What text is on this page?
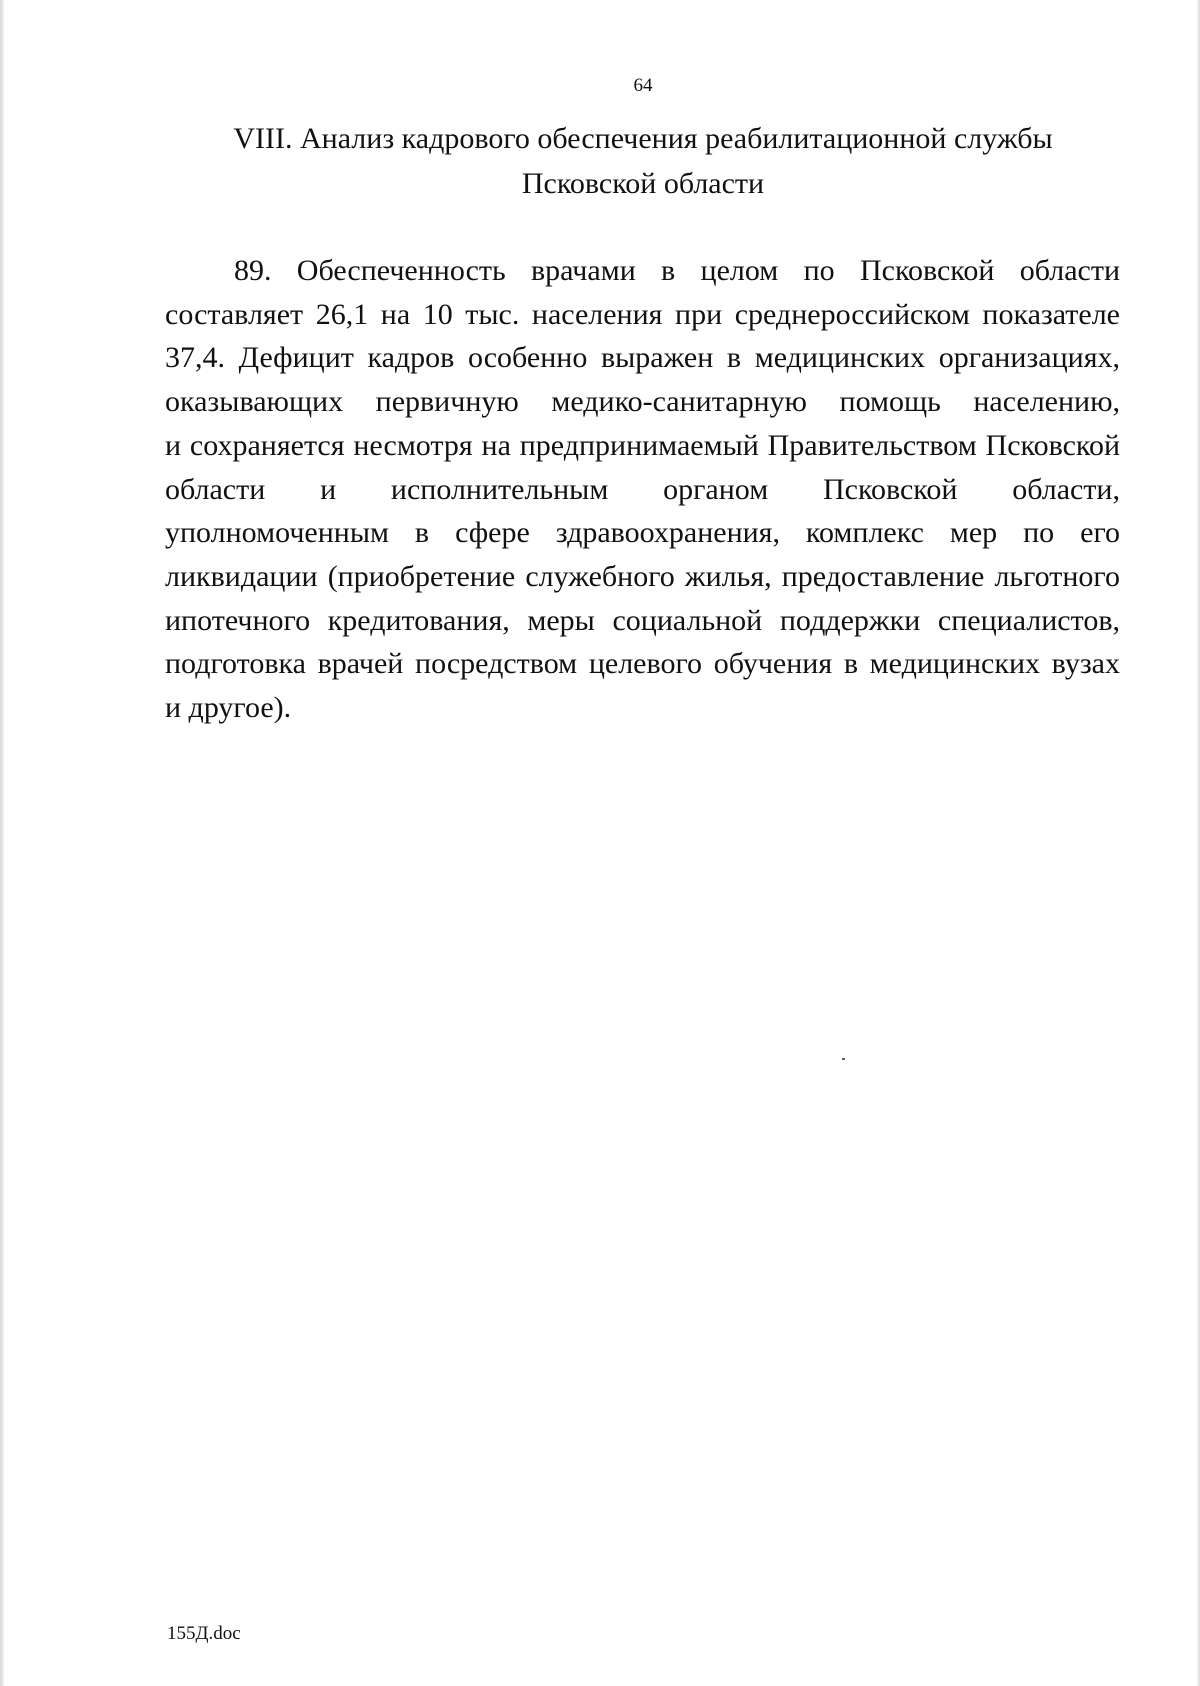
64
VIII. Анализ кадрового обеспечения реабилитационной службы
Псковской области
89. Обеспеченность врачами в целом по Псковской области
составляет 26,1 на 10 тыс. населения при среднероссийском показателе
37,4. Дефицит кадров особенно выражен в медицинских организациях,
оказывающих первичную медико-санитарную помощь населению,
и сохраняется несмотря на предпринимаемый Правительством Псковской
области и исполнительным органом Псковской области,
уполномоченным в сфере здравоохранения, комплекс мер по его
ликвидации (приобретение служебного жилья, предоставление льготного
ипотечного кредитования, меры социальной поддержки специалистов,
подготовка врачей посредством целевого обучения в медицинских вузах
и другое).
155Д.doc
